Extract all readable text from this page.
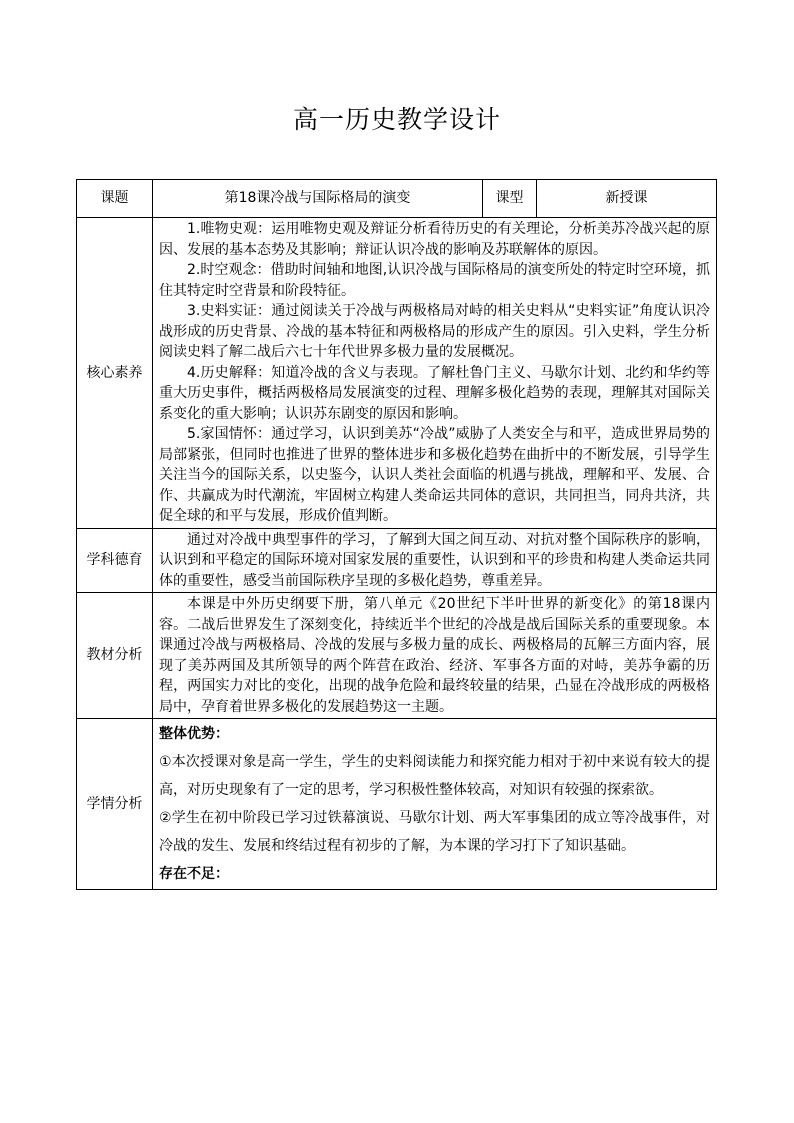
高一历史教学设计
课题	第18课冷战与国际格局的演变	课型	新授课
核心素养	1.唯物史观：运用唯物史观及辩证分析看待历史的有关理论，分析美苏冷战兴起的原因、发展的基本态势及其影响；辩证认识冷战的影响及苏联解体的原因。

2.时空观念：借助时间轴和地图,认识冷战与国际格局的演变所处的特定时空环境，抓住其特定时空背景和阶段特征。

3.史料实证：通过阅读关于冷战与两极格局对峙的相关史料从“史料实证”角度认识冷战形成的历史背景、冷战的基本特征和两极格局的形成产生的原因。引入史料，学生分析阅读史料了解二战后六七十年代世界多极力量的发展概况。

4.历史解释：知道冷战的含义与表现。了解杜鲁门主义、马歇尔计划、北约和华约等重大历史事件，概括两极格局发展演变的过程、理解多极化趋势的表现，理解其对国际关系变化的重大影响；认识苏东剧变的原因和影响。

5.家国情怀：通过学习，认识到美苏“冷战”威胁了人类安全与和平，造成世界局势的局部紧张，但同时也推进了世界的整体进步和多极化趋势在曲折中的不断发展，引导学生关注当今的国际关系，以史鉴今，认识人类社会面临的机遇与挑战，理解和平、发展、合作、共赢成为时代潮流，牢固树立构建人类命运共同体的意识，共同担当，同舟共济，共促全球的和平与发展，形成价值判断。		

学科德育	通过对冷战中典型事件的学习，了解到大国之间互动、对抗对整个国际秩序的影响，认识到和平稳定的国际环境对国家发展的重要性，认识到和平的珍贵和构建人类命运共同体的重要性，感受当前国际秩序呈现的多极化趋势，尊重差异。		

教材分析	本课是中外历史纲要下册，第八单元《20世纪下半叶世界的新变化》的第18课内容。二战后世界发生了深刻变化，持续近半个世纪的冷战是战后国际关系的重要现象。本课通过冷战与两极格局、冷战的发展与多极力量的成长、两极格局的瓦解三方面内容，展现了美苏两国及其所领导的两个阵营在政治、经济、军事各方面的对峙，美苏争霸的历程，两国实力对比的变化，出现的战争危险和最终较量的结果，凸显在冷战形成的两极格局中，孕育着世界多极化的发展趋势这一主题。		

学情分析	整体优势：

①本次授课对象是高一学生，学生的史料阅读能力和探究能力相对于初中来说有较大的提高，对历史现象有了一定的思考，学习积极性整体较高，对知识有较强的探索欲。

②学生在初中阶段已学习过铁幕演说、马歇尔计划、两大军事集团的成立等冷战事件，对冷战的发生、发展和终结过程有初步的了解，为本课的学习打下了知识基础。

存在不足：		
